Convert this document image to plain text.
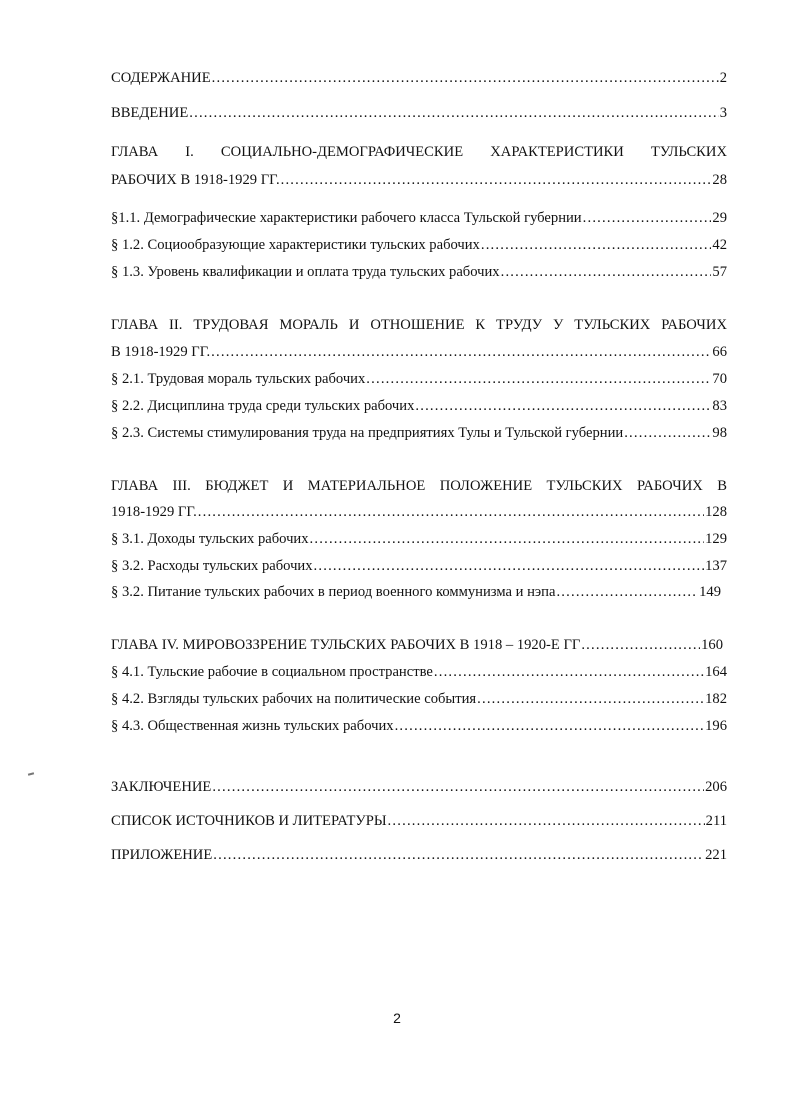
СОДЕРЖАНИЕ .....	2
ВВЕДЕНИЕ .....	3
ГЛАВА I. СОЦИАЛЬНО-ДЕМОГРАФИЧЕСКИЕ ХАРАКТЕРИСТИКИ ТУЛЬСКИХ
РАБОЧИХ В 1918-1929 ГГ. .....	28
§1.1. Демографические характеристики рабочего класса Тульской губернии .....	29
§ 1.2. Социообразующие характеристики тульских рабочих .....	42
§ 1.3. Уровень квалификации и оплата труда тульских рабочих .....	57
ГЛАВА II. ТРУДОВАЯ МОРАЛЬ И ОТНОШЕНИЕ К ТРУДУ У ТУЛЬСКИХ РАБОЧИХ
В 1918-1929 ГГ. .....	66
§ 2.1. Трудовая мораль тульских рабочих .....	70
§ 2.2. Дисциплина труда среди тульских рабочих .....	83
§ 2.3. Системы стимулирования труда на предприятиях Тулы и Тульской губернии .....	98
ГЛАВА III. БЮДЖЕТ И МАТЕРИАЛЬНОЕ ПОЛОЖЕНИЕ ТУЛЬСКИХ РАБОЧИХ В
1918-1929 ГГ. .....	128
§ 3.1. Доходы тульских рабочих .....	129
§ 3.2. Расходы тульских рабочих .....	137
§ 3.2. Питание тульских рабочих в период военного коммунизма и нэпа .....	149
ГЛАВА IV. МИРОВОЗЗРЕНИЕ ТУЛЬСКИХ РАБОЧИХ В 1918 – 1920-Е ГГ .....	160
§ 4.1. Тульские рабочие в социальном пространстве .....	164
§ 4.2. Взгляды тульских рабочих на политические события .....	182
§ 4.3. Общественная жизнь тульских рабочих .....	196
ЗАКЛЮЧЕНИЕ .....	206
СПИСОК ИСТОЧНИКОВ И ЛИТЕРАТУРЫ .....	211
ПРИЛОЖЕНИЕ .....	221
2
